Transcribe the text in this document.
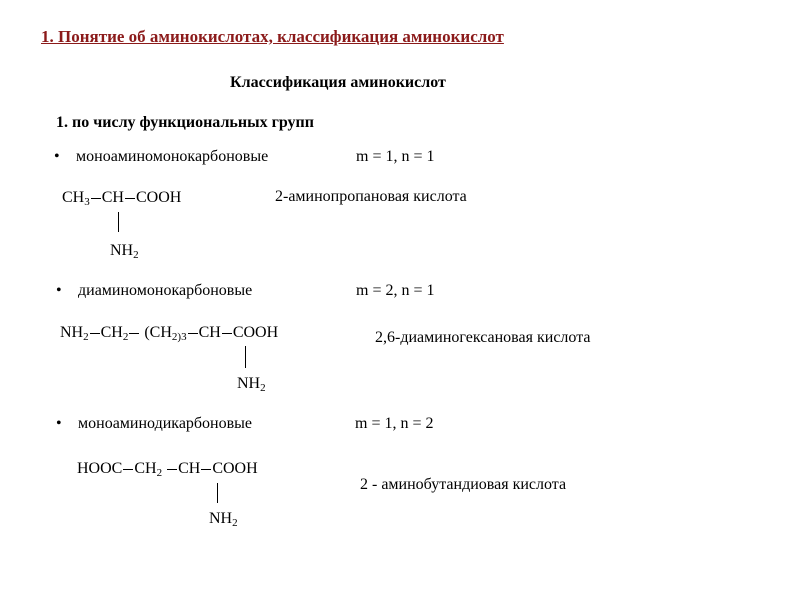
1. Понятие об аминокислотах, классификация аминокислот
Классификация аминокислот
1. по числу функциональных групп
• моноаминомонокарбоновые	m = 1, n = 1
$CH_3$ CH COOH
$NH_2$
2-аминопропановая кислота
• диаминомонокарбоновые	m = 2, n = 1
$NH_2$ $CH_2$ ($CH_{2)3}$ CH COOH
$NH_2$
2,6-диаминогексановая кислота
• моноаминодикарбоновые	m = 1, n = 2
HOOC $CH_2$ CH COOH
$NH_2$
2 - аминобутандиовая кислота
